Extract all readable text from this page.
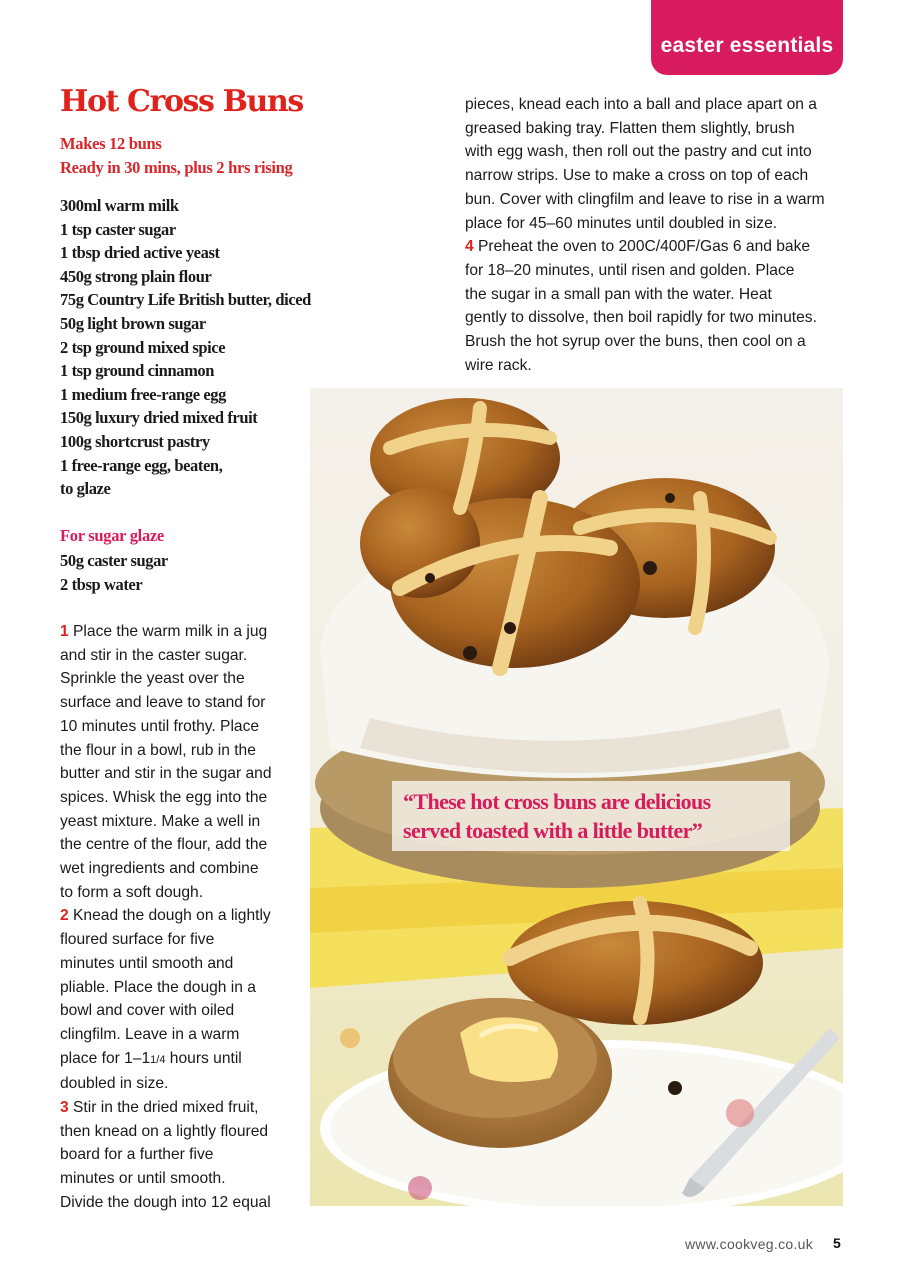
easter essentials
Hot Cross Buns
Makes 12 buns
Ready in 30 mins, plus 2 hrs rising
300ml warm milk
1 tsp caster sugar
1 tbsp dried active yeast
450g strong plain flour
75g Country Life British butter, diced
50g light brown sugar
2 tsp ground mixed spice
1 tsp ground cinnamon
1 medium free-range egg
150g luxury dried mixed fruit
100g shortcrust pastry
1 free-range egg, beaten,
to glaze
For sugar glaze
50g caster sugar
2 tbsp water
1 Place the warm milk in a jug
and stir in the caster sugar.
Sprinkle the yeast over the
surface and leave to stand for
10 minutes until frothy. Place
the flour in a bowl, rub in the
butter and stir in the sugar and
spices. Whisk the egg into the
yeast mixture. Make a well in
the centre of the flour, add the
wet ingredients and combine
to form a soft dough.
2 Knead the dough on a lightly
floured surface for five
minutes until smooth and
pliable. Place the dough in a
bowl and cover with oiled
clingfilm. Leave in a warm
place for 1–11/4 hours until
doubled in size.
3 Stir in the dried mixed fruit,
then knead on a lightly floured
board for a further five
minutes or until smooth.
Divide the dough into 12 equal
pieces, knead each into a ball and place apart on a
greased baking tray. Flatten them slightly, brush
with egg wash, then roll out the pastry and cut into
narrow strips. Use to make a cross on top of each
bun. Cover with clingfilm and leave to rise in a warm
place for 45–60 minutes until doubled in size.
4 Preheat the oven to 200C/400F/Gas 6 and bake
for 18–20 minutes, until risen and golden. Place
the sugar in a small pan with the water. Heat
gently to dissolve, then boil rapidly for two minutes.
Brush the hot syrup over the buns, then cool on a
wire rack.
“These hot cross buns are delicious
served toasted with a little butter”
www.cookveg.co.uk 5
